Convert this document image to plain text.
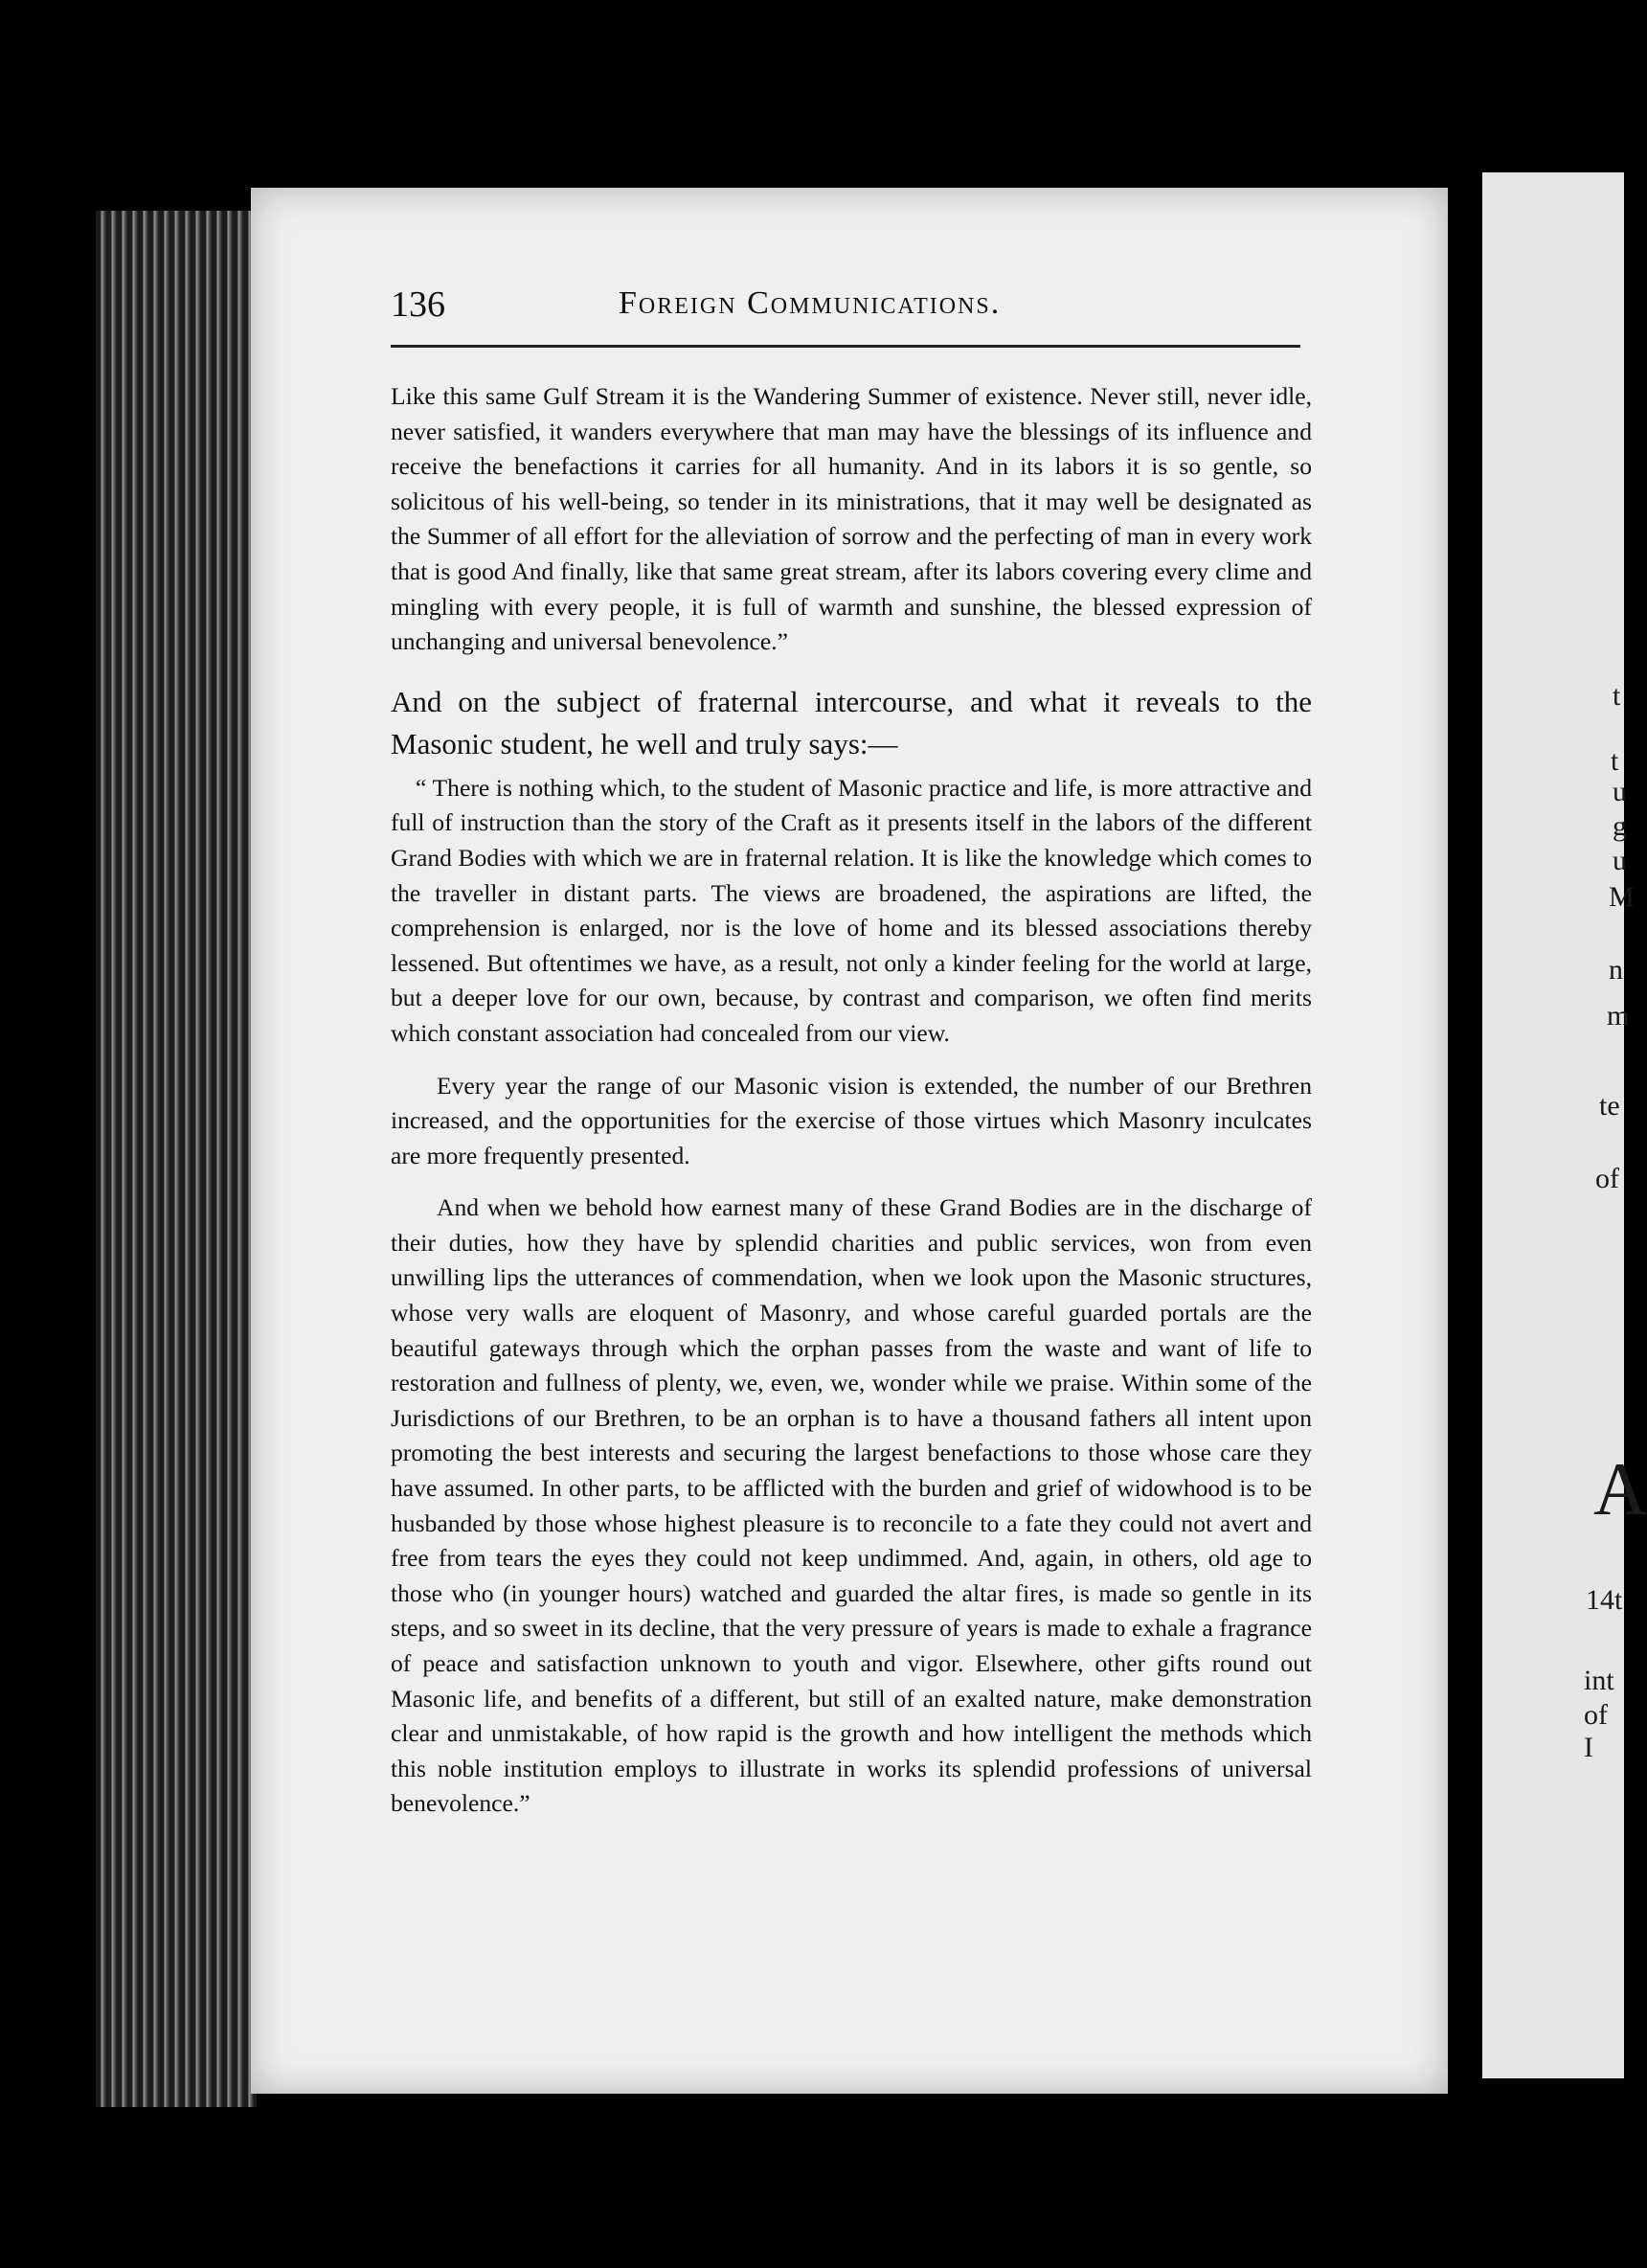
t
t
u
g
u
M
n
m
te
of
A
14t
int
of I
136	Foreign Communications.

Like this same Gulf Stream it is the Wandering Summer of existence. Never still, never idle, never satisfied, it wanders everywhere that man may have the blessings of its influence and receive the benefactions it carries for all humanity. And in its labors it is so gentle, so solicitous of his well-being, so tender in its ministrations, that it may well be designated as the Summer of all effort for the alleviation of sorrow and the perfecting of man in every work that is good And finally, like that same great stream, after its labors covering every clime and mingling with every people, it is full of warmth and sunshine, the blessed expression of unchanging and universal benevolence.”

And on the subject of fraternal intercourse, and what it reveals to the Masonic student, he well and truly says:—

“ There is nothing which, to the student of Masonic practice and life, is more attractive and full of instruction than the story of the Craft as it presents itself in the labors of the different Grand Bodies with which we are in fraternal relation. It is like the knowledge which comes to the traveller in distant parts. The views are broadened, the aspirations are lifted, the comprehension is enlarged, nor is the love of home and its blessed associations thereby lessened. But oftentimes we have, as a result, not only a kinder feeling for the world at large, but a deeper love for our own, because, by contrast and comparison, we often find merits which constant association had concealed from our view.

Every year the range of our Masonic vision is extended, the number of our Brethren increased, and the opportunities for the exercise of those virtues which Masonry inculcates are more frequently presented.

And when we behold how earnest many of these Grand Bodies are in the discharge of their duties, how they have by splendid charities and public services, won from even unwilling lips the utterances of commendation, when we look upon the Masonic structures, whose very walls are eloquent of Masonry, and whose careful guarded portals are the beautiful gateways through which the orphan passes from the waste and want of life to restoration and fullness of plenty, we, even, we, wonder while we praise. Within some of the Jurisdictions of our Brethren, to be an orphan is to have a thousand fathers all intent upon promoting the best interests and securing the largest benefactions to those whose care they have assumed. In other parts, to be afflicted with the burden and grief of widowhood is to be husbanded by those whose highest pleasure is to reconcile to a fate they could not avert and free from tears the eyes they could not keep undimmed. And, again, in others, old age to those who (in younger hours) watched and guarded the altar fires, is made so gentle in its steps, and so sweet in its decline, that the very pressure of years is made to exhale a fragrance of peace and satisfaction unknown to youth and vigor. Elsewhere, other gifts round out Masonic life, and benefits of a different, but still of an exalted nature, make demonstration clear and unmistakable, of how rapid is the growth and how intelligent the methods which this noble institution employs to illustrate in works its splendid professions of universal benevolence.”
